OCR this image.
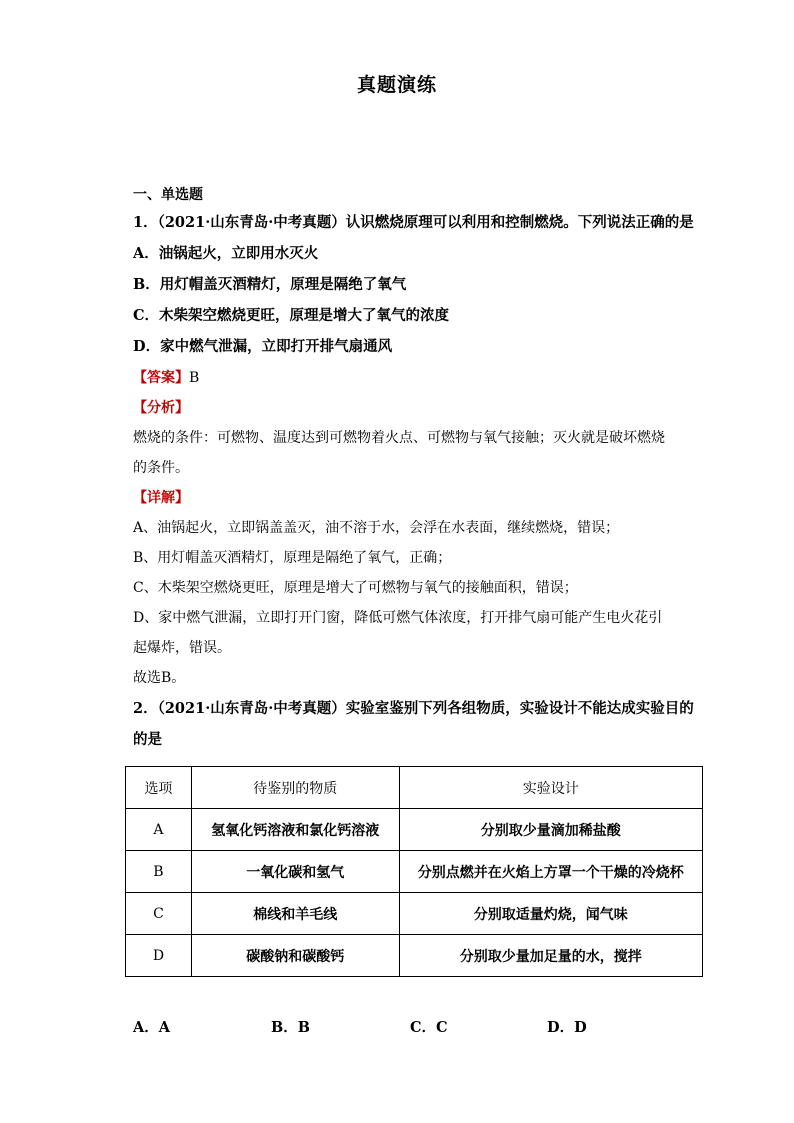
真题演练
一、单选题
1．（2021·山东青岛·中考真题）认识燃烧原理可以利用和控制燃烧。下列说法正确的是
A．油锅起火，立即用水灭火
B．用灯帽盖灭酒精灯，原理是隔绝了氧气
C．木柴架空燃烧更旺，原理是增大了氧气的浓度
D．家中燃气泄漏，立即打开排气扇通风
【答案】B
【分析】
燃烧的条件：可燃物、温度达到可燃物着火点、可燃物与氧气接触；灭火就是破坏燃烧
的条件。
【详解】
A、油锅起火，立即锅盖盖灭，油不溶于水，会浮在水表面，继续燃烧，错误；
B、用灯帽盖灭酒精灯，原理是隔绝了氧气，正确；
C、木柴架空燃烧更旺，原理是增大了可燃物与氧气的接触面积，错误；
D、家中燃气泄漏，立即打开门窗，降低可燃气体浓度，打开排气扇可能产生电火花引
起爆炸，错误。
故选B。
2．（2021·山东青岛·中考真题）实验室鉴别下列各组物质，实验设计不能达成实验目的
的是
选项	待鉴别的物质	实验设计
A	氢氧化钙溶液和氯化钙溶液	分别取少量滴加稀盐酸
B	一氧化碳和氢气	分别点燃并在火焰上方罩一个干燥的冷烧杯
C	棉线和羊毛线	分别取适量灼烧，闻气味
D	碳酸钠和碳酸钙	分别取少量加足量的水，搅拌
A．A	B．B	C．C	D．D
